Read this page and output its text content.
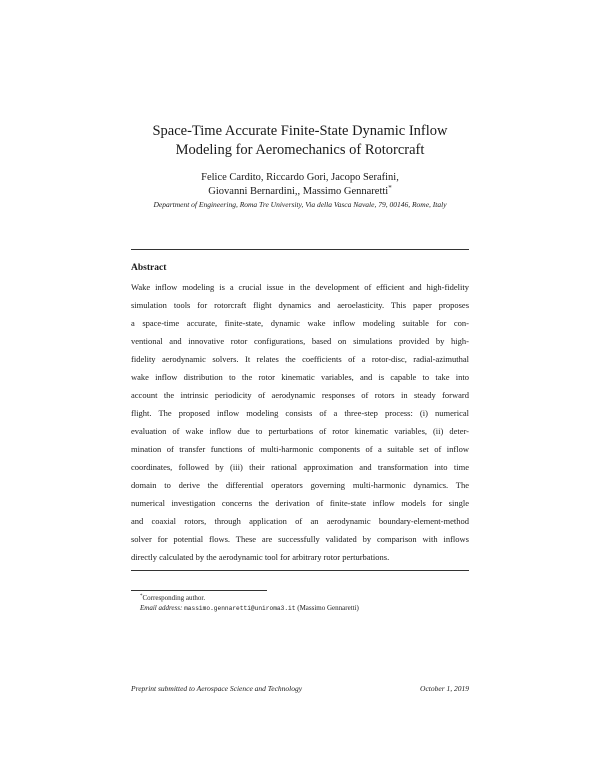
Space-Time Accurate Finite-State Dynamic Inflow
Modeling for Aeromechanics of Rotorcraft
Felice Cardito, Riccardo Gori, Jacopo Serafini,
Giovanni Bernardini,, Massimo Gennaretti*
Department of Engineering, Roma Tre University, Via della Vasca Navale, 79, 00146, Rome, Italy
Abstract
Wake inflow modeling is a crucial issue in the development of efficient and high-fidelity
simulation tools for rotorcraft flight dynamics and aeroelasticity. This paper proposes
a space-time accurate, finite-state, dynamic wake inflow modeling suitable for con-
ventional and innovative rotor configurations, based on simulations provided by high-
fidelity aerodynamic solvers. It relates the coefficients of a rotor-disc, radial-azimuthal
wake inflow distribution to the rotor kinematic variables, and is capable to take into
account the intrinsic periodicity of aerodynamic responses of rotors in steady forward
flight. The proposed inflow modeling consists of a three-step process: (i) numerical
evaluation of wake inflow due to perturbations of rotor kinematic variables, (ii) deter-
mination of transfer functions of multi-harmonic components of a suitable set of inflow
coordinates, followed by (iii) their rational approximation and transformation into time
domain to derive the differential operators governing multi-harmonic dynamics. The
numerical investigation concerns the derivation of finite-state inflow models for single
and coaxial rotors, through application of an aerodynamic boundary-element-method
solver for potential flows. These are successfully validated by comparison with inflows
directly calculated by the aerodynamic tool for arbitrary rotor perturbations.
*Corresponding author.
Email address: massimo.gennaretti@uniroma3.it (Massimo Gennaretti)
Preprint submitted to Aerospace Science and Technology	October 1, 2019
